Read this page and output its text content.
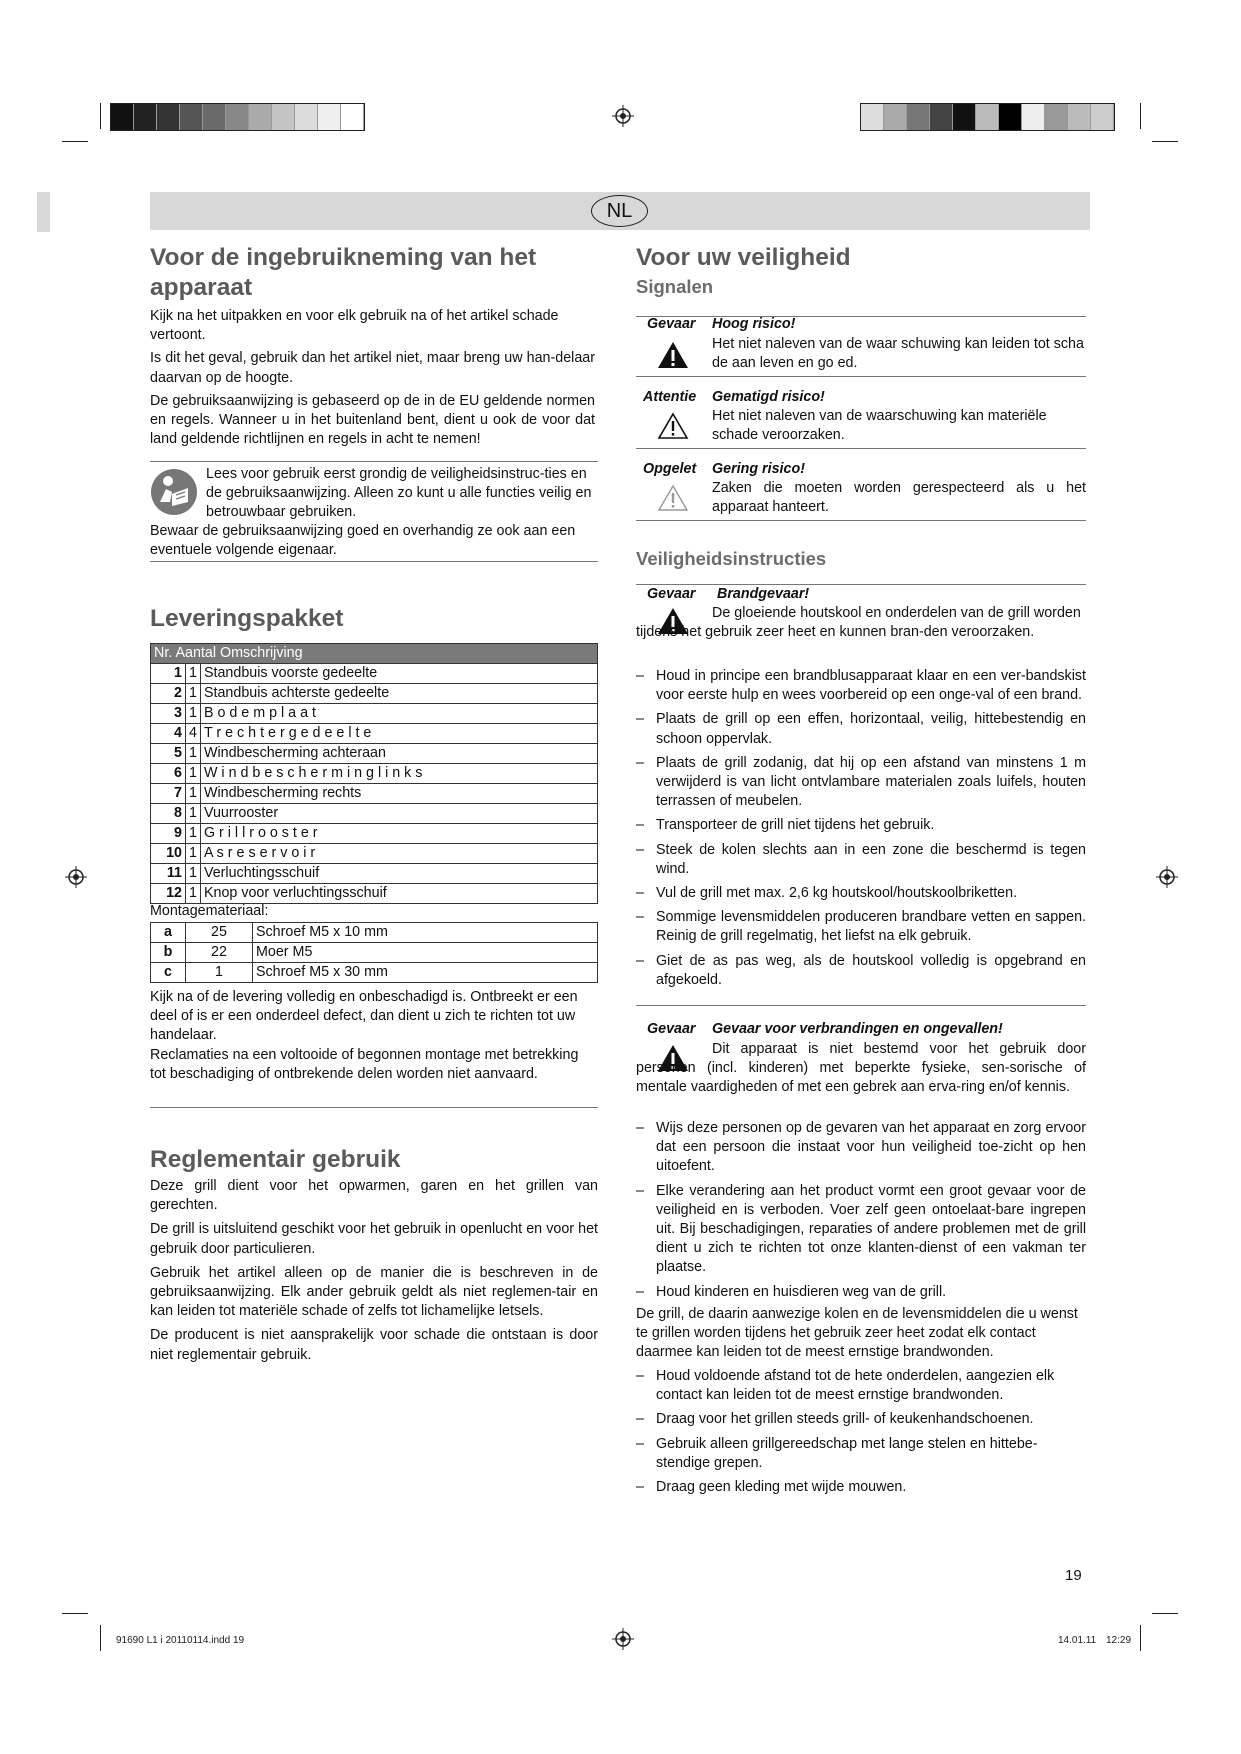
NL
Voor de ingebruikneming van het apparaat

Kijk na het uitpakken en voor elk gebruik na of het artikel schade vertoont.

Is dit het geval, gebruik dan het artikel niet, maar breng uw han-delaar daarvan op de hoogte.

De gebruiksaanwijzing is gebaseerd op de in de EU geldende normen en regels. Wanneer u in het buitenland bent, dient u ook de voor dat land geldende richtlijnen en regels in acht te nemen!

Lees voor gebruik eerst grondig de veiligheidsinstruc-ties en de gebruiksaanwijzing. Alleen zo kunt u alle functies veilig en betrouwbaar gebruiken.

Bewaar de gebruiksaanwijzing goed en overhandig ze ook aan een eventuele volgende eigenaar.

Leveringspakket
Nr. Aantal Omschrijving		
1	1	Standbuis voorste gedeelte
2	1	Standbuis achterste gedeelte
3	1	B o d e m p l a a t
4	4	T r e c h t e r g e d e e l t e
5	1	Windbescherming achteraan
6	1	W i n d b e s c h e r m i n g l i n k s
7	1	Windbescherming rechts
8	1	Vuurrooster
9	1	G r i l l r o o s t e r
10	1	A s r e s e r v o i r
11	1	Verluchtingsschuif
12	1	Knop voor verluchtingsschuif

Montagemateriaal:

a	25	Schroef M5 x 10 mm
b	22	Moer M5
c	1	Schroef M5 x 30 mm

Kijk na of de levering volledig en onbeschadigd is. Ontbreekt er een deel of is er een onderdeel defect, dan dient u zich te richten tot uw handelaar.

Reclamaties na een voltooide of begonnen montage met betrekking tot beschadiging of ontbrekende delen worden niet aanvaard.

Reglementair gebruik

Deze grill dient voor het opwarmen, garen en het grillen van gerechten.

De grill is uitsluitend geschikt voor het gebruik in openlucht en voor het gebruik door particulieren.

Gebruik het artikel alleen op de manier die is beschreven in de gebruiksaanwijzing. Elk ander gebruik geldt als niet reglemen-tair en kan leiden tot materiële schade of zelfs tot lichamelijke letsels.

De producent is niet aansprakelijk voor schade die ontstaan is door niet reglementair gebruik.

Voor uw veiligheid
Signalen
Gevaar Hoog risico!

Het niet naleven van de waar schuwing kan leiden tot scha de aan leven en go ed.

Attentie Gematigd risico!

Het niet naleven van de waarschuwing kan materiële schade veroorzaken.

Opgelet Gering risico!

Zaken die moeten worden gerespecteerd als u het apparaat hanteert.

Veiligheidsinstructies
Gevaar Brandgevaar!

De gloeiende houtskool en onderdelen van de grill worden tijdens het gebruik zeer heet en kunnen bran-den veroorzaken.

– Houd in principe een brandblusapparaat klaar en een ver-bandskist voor eerste hulp en wees voorbereid op een onge-val of een brand.
– Plaats de grill op een effen, horizontaal, veilig, hittebestendig en schoon oppervlak.
– Plaats de grill zodanig, dat hij op een afstand van minstens 1 m verwijderd is van licht ontvlambare materialen zoals luifels, houten terrassen of meubelen.
– Transporteer de grill niet tijdens het gebruik.
– Steek de kolen slechts aan in een zone die beschermd is tegen wind.
– Vul de grill met max. 2,6 kg houtskool/houtskoolbriketten.
– Sommige levensmiddelen produceren brandbare vetten en sappen. Reinig de grill regelmatig, het liefst na elk gebruik.
– Giet de as pas weg, als de houtskool volledig is opgebrand en afgekoeld.
Gevaar Gevaar voor verbrandingen en ongevallen!

Dit apparaat is niet bestemd voor het gebruik door personen (incl. kinderen) met beperkte fysieke, sen-sorische of mentale vaardigheden of met een gebrek aan erva-ring en/of kennis.

– Wijs deze personen op de gevaren van het apparaat en zorg ervoor dat een persoon die instaat voor hun veiligheid toe-zicht op hen uitoefent.
– Elke verandering aan het product vormt een groot gevaar voor de veiligheid en is verboden. Voer zelf geen ontoelaat-bare ingrepen uit. Bij beschadigingen, reparaties of andere problemen met de grill dient u zich te richten tot onze klanten-dienst of een vakman ter plaatse.
– Houd kinderen en huisdieren weg van de grill.

De grill, de daarin aanwezige kolen en de levensmiddelen die u wenst te grillen worden tijdens het gebruik zeer heet zodat elk contact daarmee kan leiden tot de meest ernstige brandwonden.

– Houd voldoende afstand tot de hete onderdelen, aangezien elk contact kan leiden tot de meest ernstige brandwonden.
– Draag voor het grillen steeds grill- of keukenhandschoenen.
– Gebruik alleen grillgereedschap met lange stelen en hittebe-stendige grepen.
– Draag geen kleding met wijde mouwen.
19
91690 L1 i 20110114.indd 19	14.01.11 12:29
